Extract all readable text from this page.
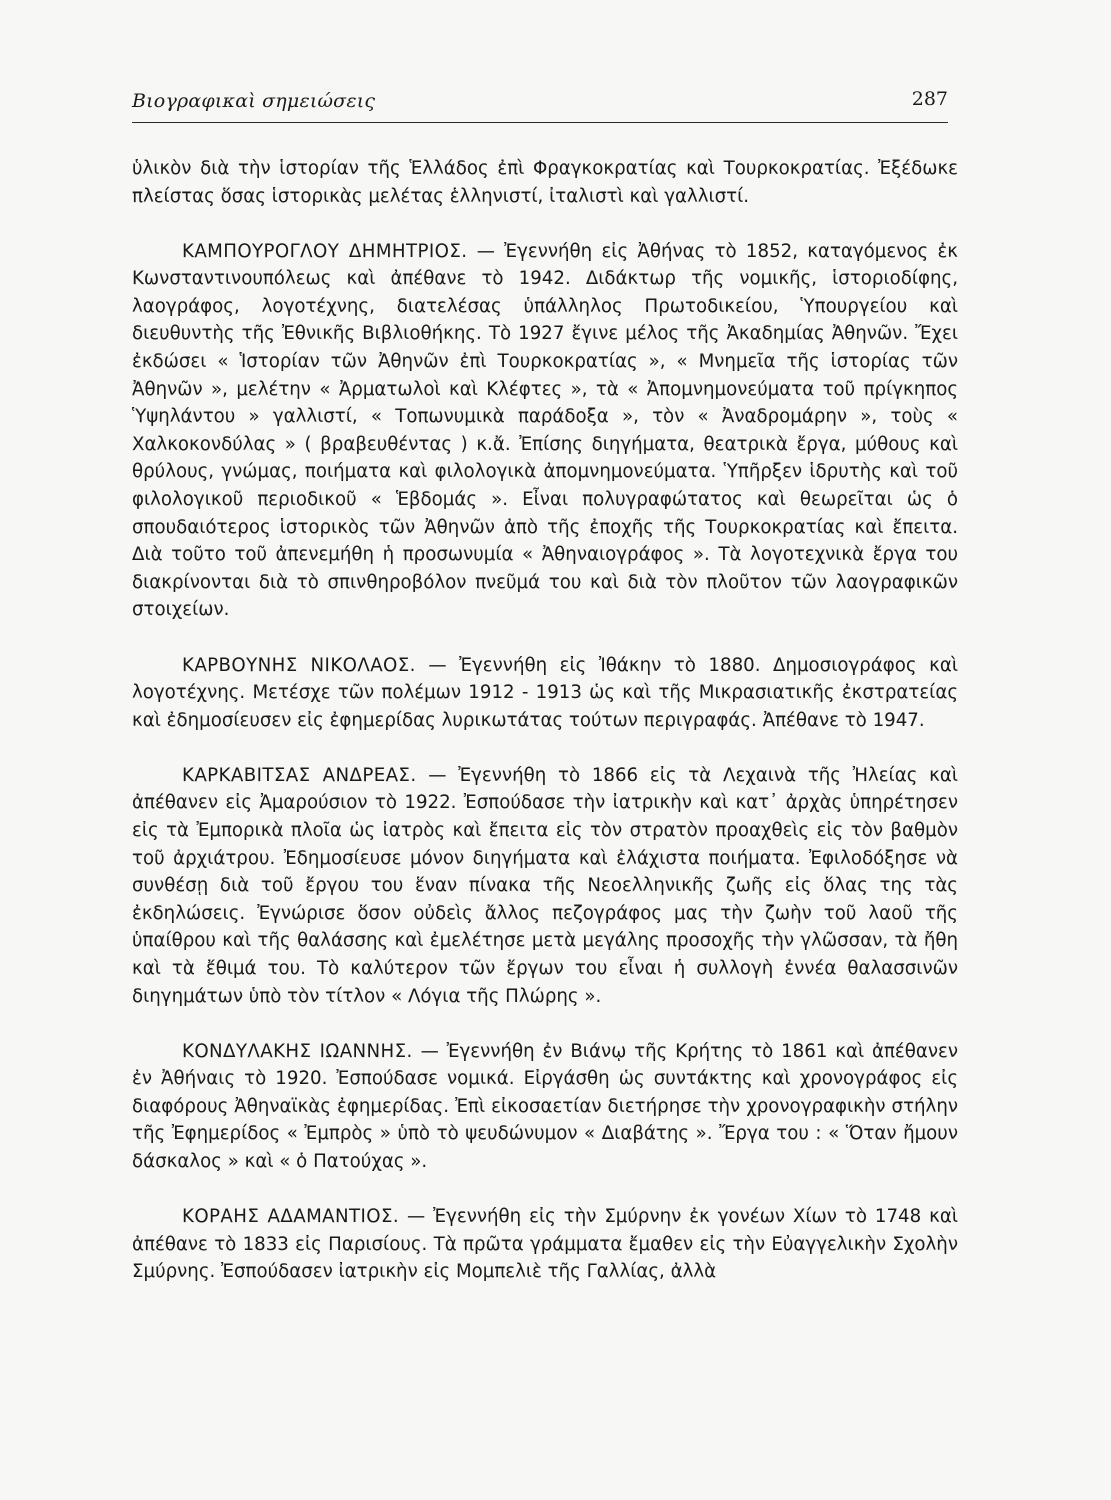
Βιογραφικαὶ σημειώσεις	287

ὑλικὸν διὰ τὴν ἱστορίαν τῆς Ἑλλάδος ἐπὶ Φραγκοκρατίας καὶ Τουρκοκρατίας. Ἐξέδωκε πλείστας ὅσας ἱστορικὰς μελέτας ἑλληνιστί, ἰταλιστὶ καὶ γαλλιστί.

ΚΑΜΠΟΥΡΟΓΛΟΥ ΔΗΜΗΤΡΙΟΣ. — Ἐγεννήθη εἰς Ἀθήνας τὸ 1852, καταγόμενος ἐκ Κωνσταντινουπόλεως καὶ ἀπέθανε τὸ 1942. Διδάκτωρ τῆς νομικῆς, ἱστοριοδίφης, λαογράφος, λογοτέχνης, διατελέσας ὑπάλληλος Πρωτοδικείου, Ὑπουργείου καὶ διευθυντὴς τῆς Ἐθνικῆς Βιβλιοθήκης. Τὸ 1927 ἔγινε μέλος τῆς Ἀκαδημίας Ἀθηνῶν. Ἔχει ἐκδώσει « Ἱστορίαν τῶν Ἀθηνῶν ἐπὶ Τουρκοκρατίας », « Μνημεῖα τῆς ἱστορίας τῶν Ἀθηνῶν », μελέτην « Ἀρματωλοὶ καὶ Κλέφτες », τὰ « Ἀπομνημονεύματα τοῦ πρίγκηπος Ὑψηλάντου » γαλλιστί, « Τοπωνυμικὰ παράδοξα », τὸν « Ἀναδρομάρην », τοὺς « Χαλκοκονδύλας » ( βραβευθέντας ) κ.ἄ. Ἐπίσης διηγήματα, θεατρικὰ ἔργα, μύθους καὶ θρύλους, γνώμας, ποιήματα καὶ φιλολογικὰ ἀπομνημονεύματα. Ὑπῆρξεν ἱδρυτὴς καὶ τοῦ φιλολογικοῦ περιοδικοῦ « Ἑβδομάς ». Εἶναι πολυγραφώτατος καὶ θεωρεῖται ὡς ὁ σπουδαιότερος ἱστορικὸς τῶν Ἀθηνῶν ἀπὸ τῆς ἐποχῆς τῆς Τουρκοκρατίας καὶ ἔπειτα. Διὰ τοῦτο τοῦ ἀπενεμήθη ἡ προσωνυμία « Ἀθηναιογράφος ». Τὰ λογοτεχνικὰ ἔργα του διακρίνονται διὰ τὸ σπινθηροβόλον πνεῦμά του καὶ διὰ τὸν πλοῦτον τῶν λαογραφικῶν στοιχείων.

ΚΑΡΒΟΥΝΗΣ ΝΙΚΟΛΑΟΣ. — Ἐγεννήθη εἰς Ἰθάκην τὸ 1880. Δημοσιογράφος καὶ λογοτέχνης. Μετέσχε τῶν πολέμων 1912 - 1913 ὡς καὶ τῆς Μικρασιατικῆς ἐκστρατείας καὶ ἐδημοσίευσεν εἰς ἐφημερίδας λυρικωτάτας τούτων περιγραφάς. Ἀπέθανε τὸ 1947.

ΚΑΡΚΑΒΙΤΣΑΣ ΑΝΔΡΕΑΣ. — Ἐγεννήθη τὸ 1866 εἰς τὰ Λεχαινὰ τῆς Ἠλείας καὶ ἀπέθανεν εἰς Ἀμαρούσιον τὸ 1922. Ἐσπούδασε τὴν ἰατρικὴν καὶ κατ᾽ ἀρχὰς ὑπηρέτησεν εἰς τὰ Ἐμπορικὰ πλοῖα ὡς ἰατρὸς καὶ ἔπειτα εἰς τὸν στρατὸν προαχθεὶς εἰς τὸν βαθμὸν τοῦ ἀρχιάτρου. Ἐδημοσίευσε μόνον διηγήματα καὶ ἐλάχιστα ποιήματα. Ἐφιλοδόξησε νὰ συνθέσῃ διὰ τοῦ ἔργου του ἕναν πίνακα τῆς Νεοελληνικῆς ζωῆς εἰς ὅλας της τὰς ἐκδηλώσεις. Ἐγνώρισε ὅσον οὐδεὶς ἄλλος πεζογράφος μας τὴν ζωὴν τοῦ λαοῦ τῆς ὑπαίθρου καὶ τῆς θαλάσσης καὶ ἐμελέτησε μετὰ μεγάλης προσοχῆς τὴν γλῶσσαν, τὰ ἤθη καὶ τὰ ἔθιμά του. Τὸ καλύτερον τῶν ἔργων του εἶναι ἡ συλλογὴ ἐννέα θαλασσινῶν διηγημάτων ὑπὸ τὸν τίτλον « Λόγια τῆς Πλώρης ».

ΚΟΝΔΥΛΑΚΗΣ ΙΩΑΝΝΗΣ. — Ἐγεννήθη ἐν Βιάνῳ τῆς Κρήτης τὸ 1861 καὶ ἀπέθανεν ἐν Ἀθήναις τὸ 1920. Ἐσπούδασε νομικά. Εἰργάσθη ὡς συντάκτης καὶ χρονογράφος εἰς διαφόρους Ἀθηναϊκὰς ἐφημερίδας. Ἐπὶ εἰκοσαετίαν διετήρησε τὴν χρονογραφικὴν στήλην τῆς Ἐφημερίδος « Ἐμπρὸς » ὑπὸ τὸ ψευδώνυμον « Διαβάτης ». Ἔργα του : « Ὅταν ἤμουν δάσκαλος » καὶ « ὁ Πατούχας ».

ΚΟΡΑΗΣ ΑΔΑΜΑΝΤΙΟΣ. — Ἐγεννήθη εἰς τὴν Σμύρνην ἐκ γονέων Χίων τὸ 1748 καὶ ἀπέθανε τὸ 1833 εἰς Παρισίους. Τὰ πρῶτα γράμματα ἔμαθεν εἰς τὴν Εὐαγγελικὴν Σχολὴν Σμύρνης. Ἐσπούδασεν ἰατρικὴν εἰς Μομπελιὲ τῆς Γαλλίας, ἀλλὰ
